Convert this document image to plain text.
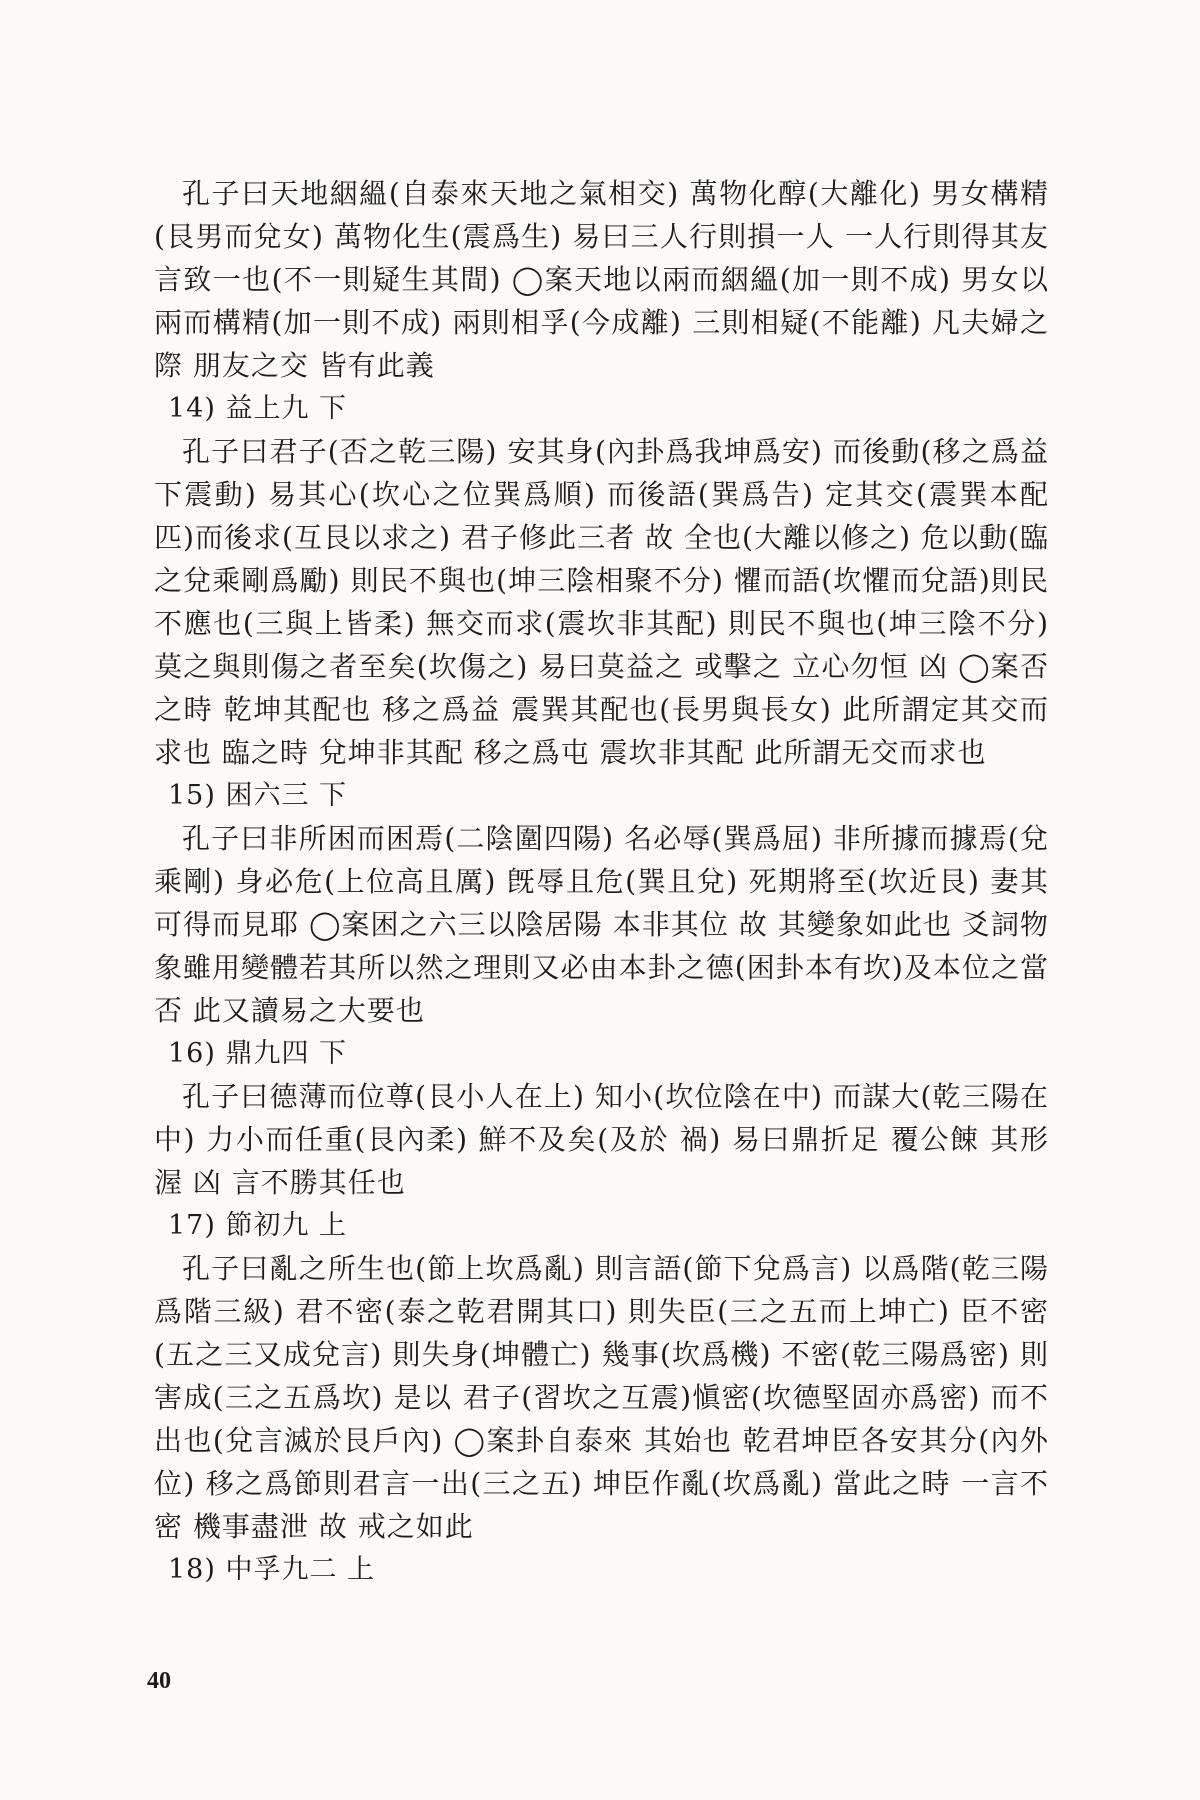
孔子曰天地絪縕(自泰來天地之氣相交) 萬物化醇(大離化) 男女構精(艮男而兌女) 萬物化生(震爲生) 易曰三人行則損一人 一人行則得其友 言致一也(不一則疑生其間) ◯案天地以兩而絪縕(加一則不成) 男女以兩而構精(加一則不成) 兩則相孚(今成離) 三則相疑(不能離) 凡夫婦之際 朋友之交 皆有此義

14) 益上九 下

孔子曰君子(否之乾三陽) 安其身(內卦爲我坤爲安) 而後動(移之爲益下震動) 易其心(坎心之位巽爲順) 而後語(巽爲告) 定其交(震巽本配匹)而後求(互艮以求之) 君子修此三者 故 全也(大離以修之) 危以動(臨之兌乘剛爲勵) 則民不與也(坤三陰相聚不分) 懼而語(坎懼而兌語)則民不應也(三與上皆柔) 無交而求(震坎非其配) 則民不與也(坤三陰不分) 莫之與則傷之者至矣(坎傷之) 易曰莫益之 或擊之 立心勿恒 凶 ◯案否之時 乾坤其配也 移之爲益 震巽其配也(長男與長女) 此所謂定其交而求也 臨之時 兌坤非其配 移之爲屯 震坎非其配 此所謂无交而求也

15) 困六三 下

孔子曰非所困而困焉(二陰圍四陽) 名必辱(巽爲屈) 非所據而據焉(兌乘剛) 身必危(上位高且厲) 旣辱且危(巽且兌) 死期將至(坎近艮) 妻其可得而見耶 ◯案困之六三以陰居陽 本非其位 故 其變象如此也 爻詞物象雖用變體若其所以然之理則又必由本卦之德(困卦本有坎)及本位之當否 此又讀易之大要也

16) 鼎九四 下

孔子曰德薄而位尊(艮小人在上) 知小(坎位陰在中) 而謀大(乾三陽在中) 力小而任重(艮內柔) 鮮不及矣(及於 禍) 易曰鼎折足 覆公餗 其形渥 凶 言不勝其任也

17) 節初九 上

孔子曰亂之所生也(節上坎爲亂) 則言語(節下兌爲言) 以爲階(乾三陽爲階三級) 君不密(泰之乾君開其口) 則失臣(三之五而上坤亡) 臣不密(五之三又成兌言) 則失身(坤體亡) 幾事(坎爲機) 不密(乾三陽爲密) 則害成(三之五爲坎) 是以 君子(習坎之互震)愼密(坎德堅固亦爲密) 而不出也(兌言滅於艮戶內) ◯案卦自泰來 其始也 乾君坤臣各安其分(內外位) 移之爲節則君言一出(三之五) 坤臣作亂(坎爲亂) 當此之時 一言不密 機事盡泄 故 戒之如此

18) 中孚九二 上

40
